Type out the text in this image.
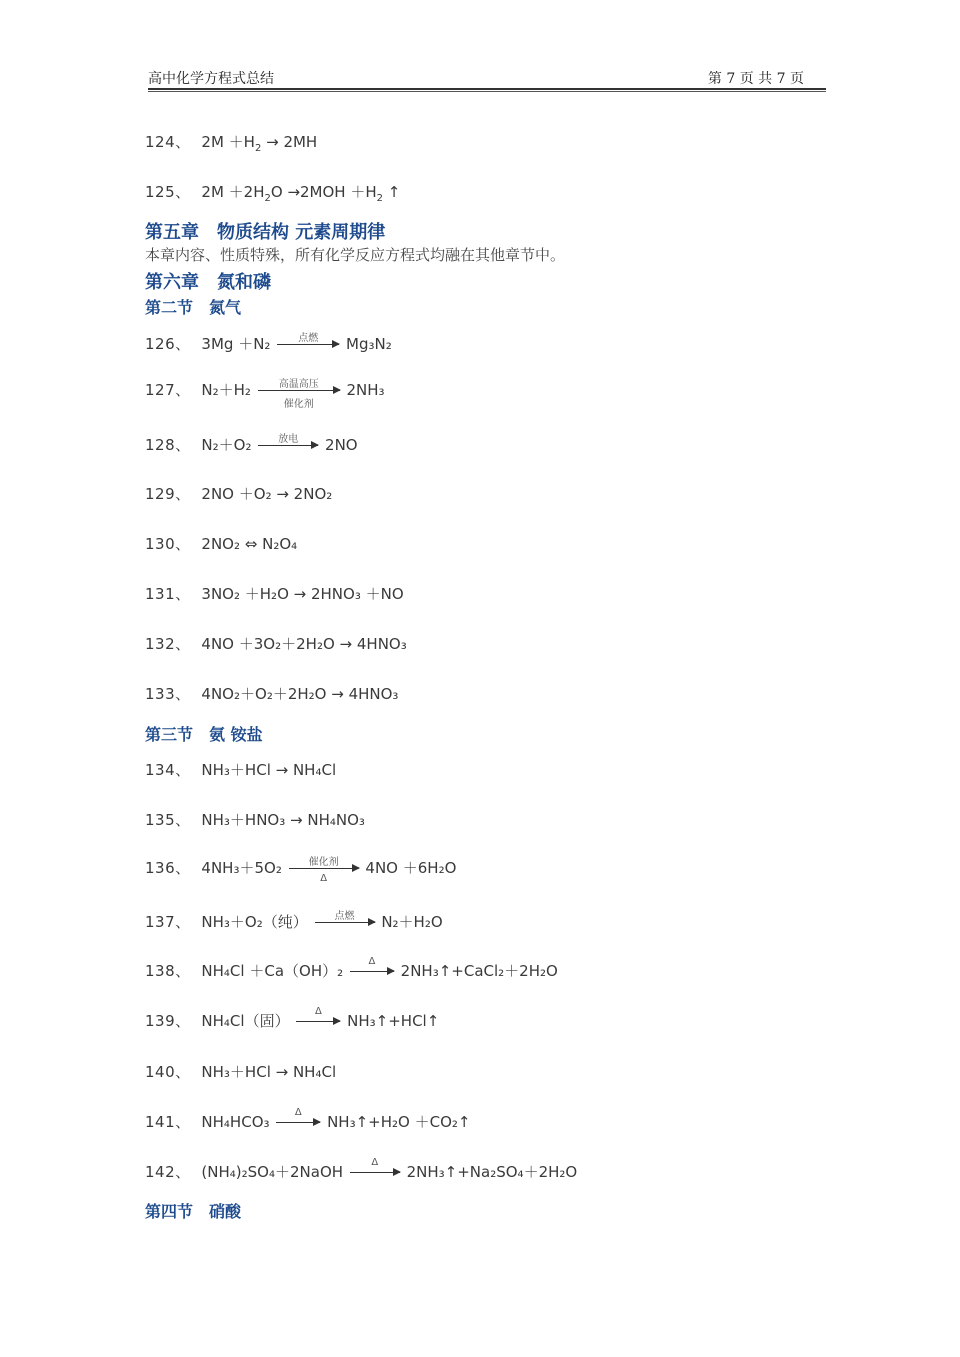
高中化学方程式总结	第 7 页 共 7 页
124、 $2M +H_2 \to 2MH$
125、 $2M +2H_2O \to 2MOH +H_2$ ↑
第五章　物质结构 元素周期律
本章内容、性质特殊，所有化学反应方程式均融在其他章节中。
第六章　氮和磷
第二节　氮气
126、 3Mg ＋N₂	点燃	Mg₃N₂
127、 N₂＋H₂	高温高压
催化剂
2NH₃
128、 N₂＋O₂	放电	2NO
129、 2NO ＋O₂ → 2NO₂
130、 2NO₂ ⇔ N₂O₄
131、 3NO₂ ＋H₂O → 2HNO₃ ＋NO
132、 4NO ＋3O₂＋2H₂O → 4HNO₃
133、 4NO₂＋O₂＋2H₂O → 4HNO₃
第三节　氨 铵盐
134、 NH₃＋HCl → NH₄Cl
135、 NH₃＋HNO₃ → NH₄NO₃
136、 4NH₃＋5O₂	催化剂
Δ
4NO ＋6H₂O
137、 NH₃＋O₂（纯）	点燃	N₂＋H₂O
138、 NH₄Cl ＋Ca（OH）₂
Δ
2NH₃↑+CaCl₂＋2H₂O
139、 NH₄Cl（固）
Δ
NH₃↑+HCl↑
140、 NH₃＋HCl → NH₄Cl
141、 NH₄HCO₃
Δ
NH₃↑+H₂O ＋CO₂↑
142、 (NH₄)₂SO₄＋2NaOH
Δ
2NH₃↑+Na₂SO₄＋2H₂O
第四节　硝酸
